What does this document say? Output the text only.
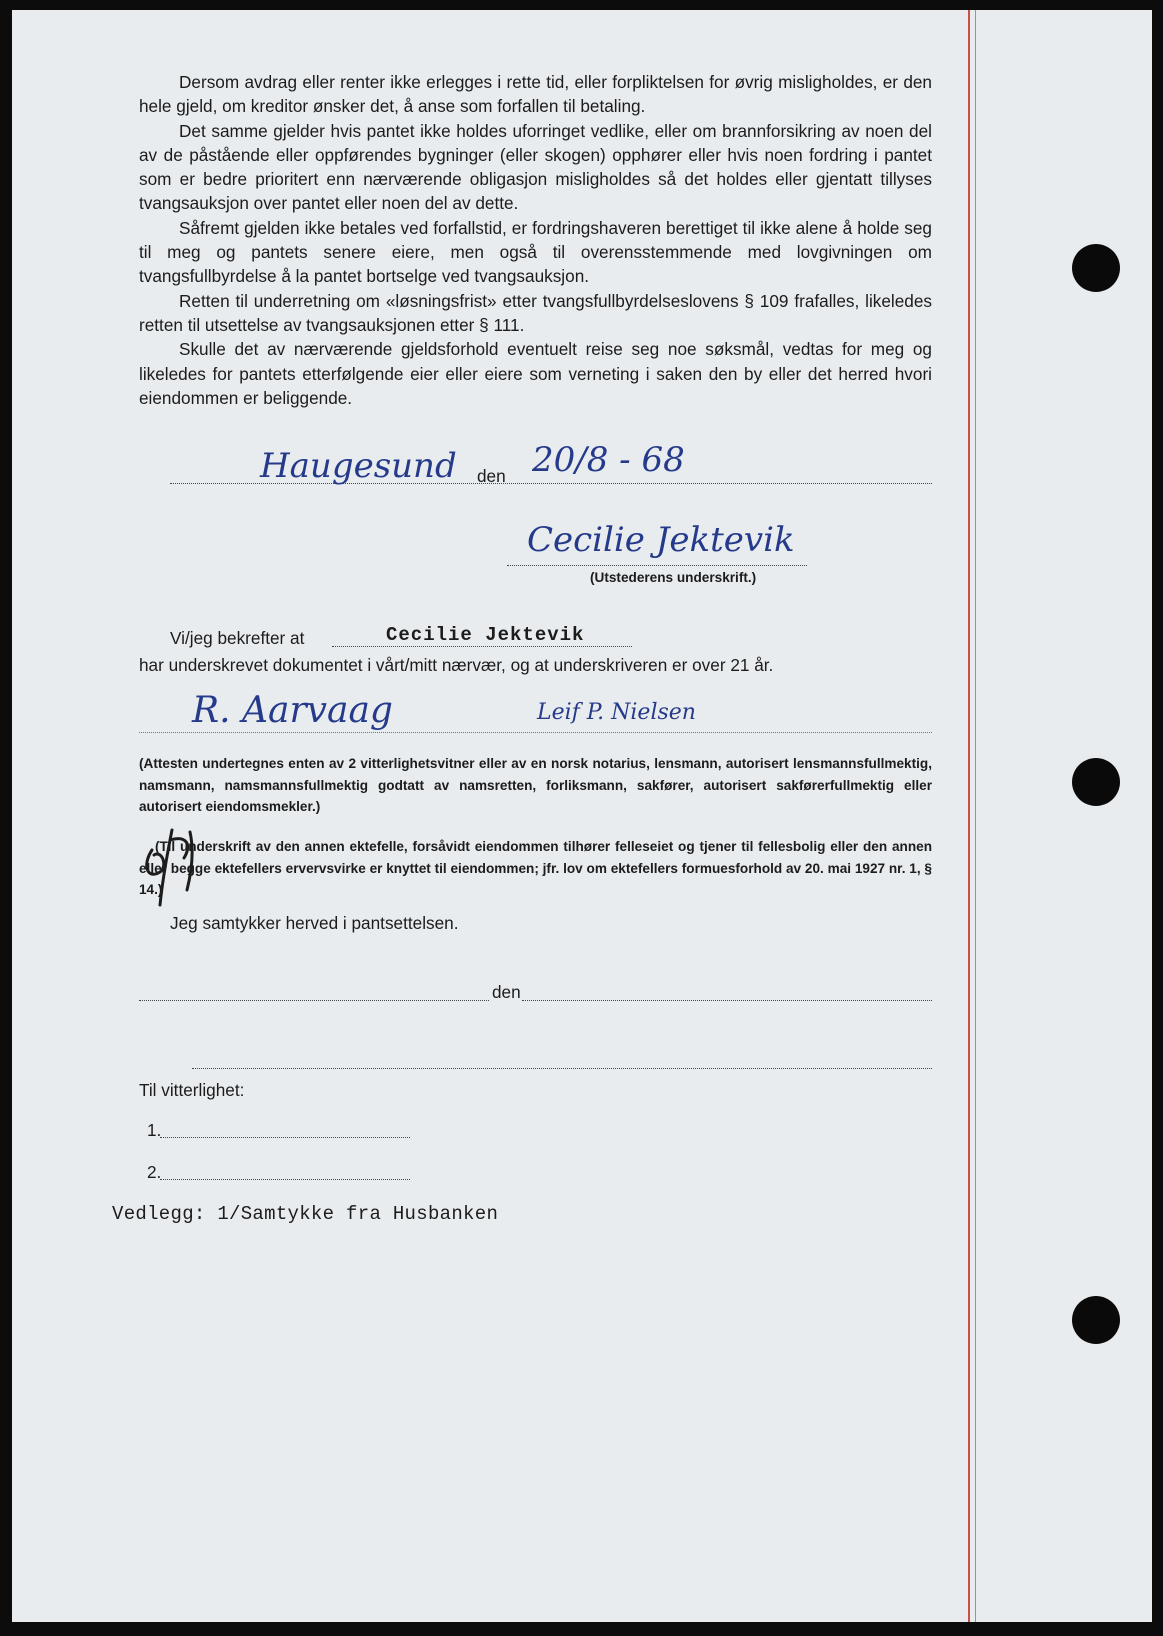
Dersom avdrag eller renter ikke erlegges i rette tid, eller forpliktelsen for øvrig misligholdes, er den hele gjeld, om kreditor ønsker det, å anse som forfallen til betaling.

Det samme gjelder hvis pantet ikke holdes uforringet vedlike, eller om brannforsikring av noen del av de påstående eller oppførendes bygninger (eller skogen) opphører eller hvis noen fordring i pantet som er bedre prioritert enn nærværende obligasjon misligholdes så det holdes eller gjentatt tillyses tvangsauksjon over pantet eller noen del av dette.

Såfremt gjelden ikke betales ved forfallstid, er fordringshaveren berettiget til ikke alene å holde seg til meg og pantets senere eiere, men også til overensstemmende med lovgivningen om tvangsfullbyrdelse å la pantet bortselge ved tvangsauksjon.

Retten til underretning om «løsningsfrist» etter tvangsfullbyrdelseslovens § 109 frafalles, likeledes retten til utsettelse av tvangsauksjonen etter § 111.

Skulle det av nærværende gjeldsforhold eventuelt reise seg noe søksmål, vedtas for meg og likeledes for pantets etterfølgende eier eller eiere som verneting i saken den by eller det herred hvori eiendommen er beliggende.

Haugesund den 20/8 - 68
Cecilie Jektevik
(Utstederens underskrift.)
Vi/jeg bekrefter at	Cecilie Jektevik
har underskrevet dokumentet i vårt/mitt nærvær, og at underskriveren er over 21 år.
R. Aarvaag	Leif P. Nielsen

(Attesten undertegnes enten av 2 vitterlighetsvitner eller av en norsk notarius, lensmann, autorisert lensmannsfullmektig, namsmann, namsmannsfullmektig godtatt av namsretten, forliksmann, sakfører, autorisert sakførerfullmektig eller autorisert eiendomsmekler.)

(Til underskrift av den annen ektefelle, forsåvidt eiendommen tilhører felleseiet og tjener til fellesbolig eller den annen eller begge ektefellers ervervsvirke er knyttet til eiendommen; jfr. lov om ektefellers formuesforhold av 20. mai 1927 nr. 1, § 14.)

Jeg samtykker herved i pantsettelsen.
den
Til vitterlighet:
1.
2.
Vedlegg: 1/Samtykke fra Husbanken
